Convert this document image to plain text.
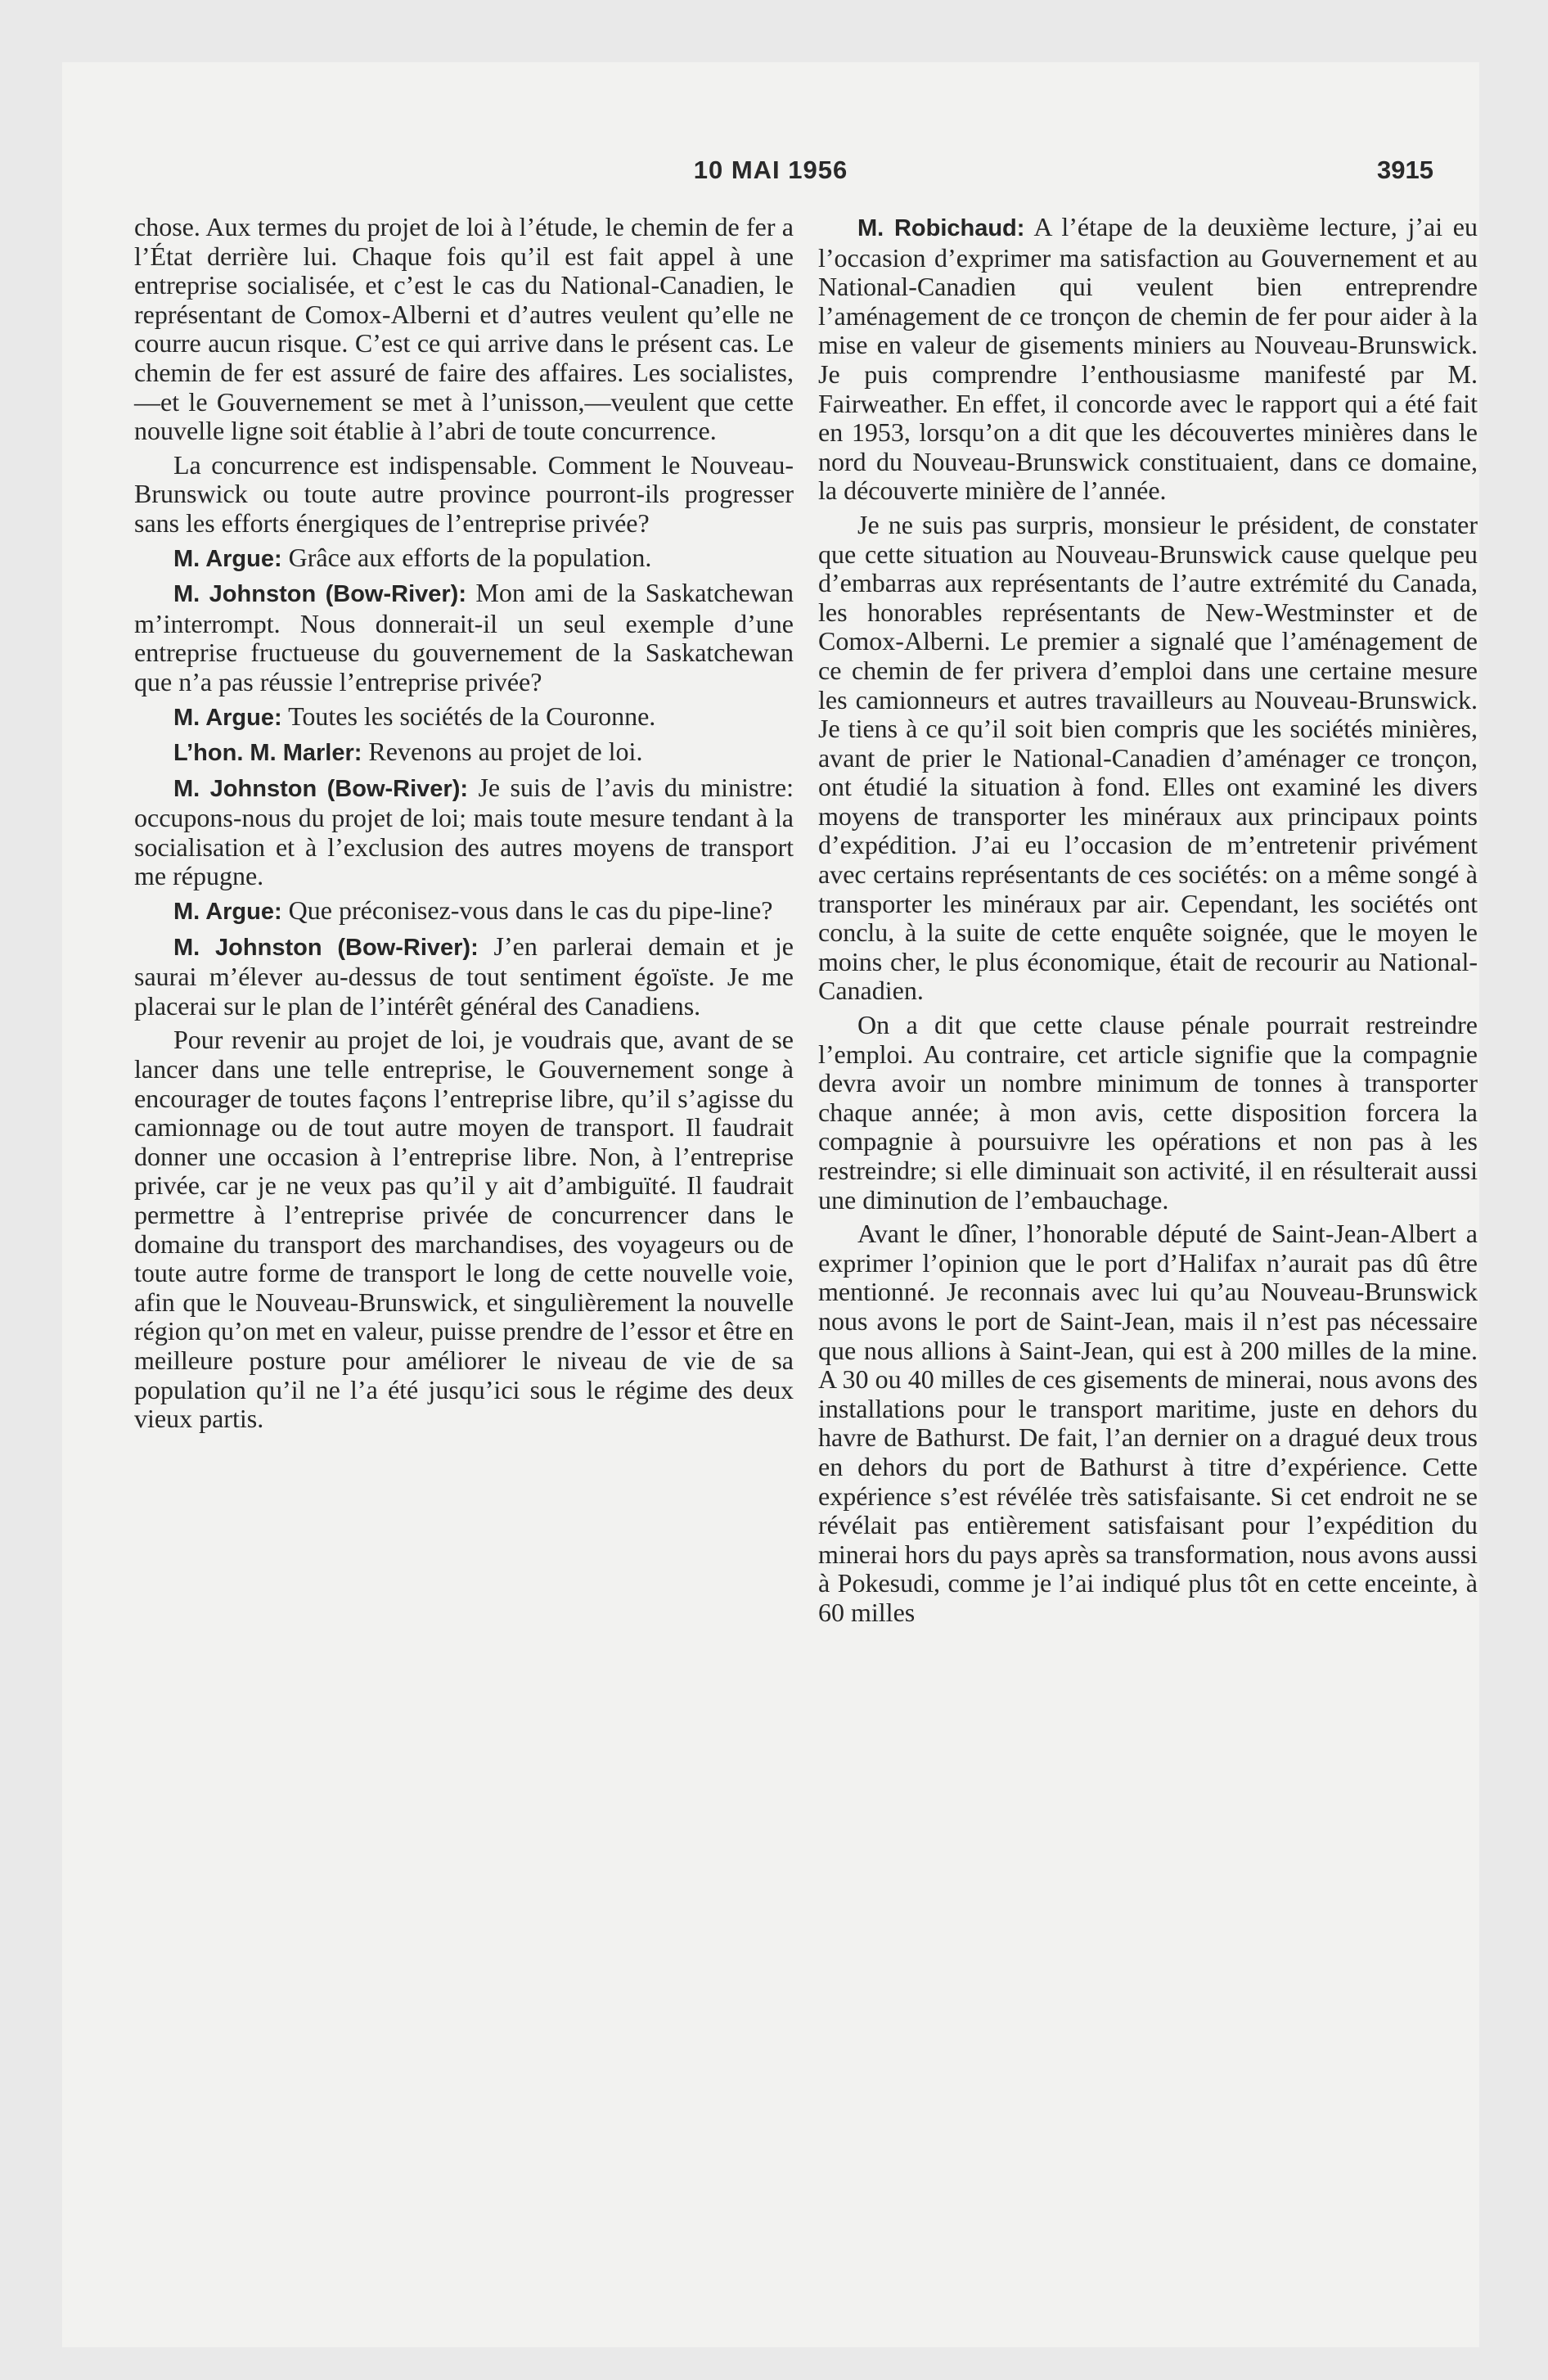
10 MAI 1956	3915

chose. Aux termes du projet de loi à l’étude, le chemin de fer a l’État derrière lui. Chaque fois qu’il est fait appel à une entreprise socialisée, et c’est le cas du National-Canadien, le représentant de Comox-Alberni et d’autres veulent qu’elle ne courre aucun risque. C’est ce qui arrive dans le présent cas. Le chemin de fer est assuré de faire des affaires. Les socialistes,—et le Gouvernement se met à l’unisson,—veulent que cette nouvelle ligne soit établie à l’abri de toute concurrence.

La concurrence est indispensable. Comment le Nouveau-Brunswick ou toute autre province pourront-ils progresser sans les efforts énergiques de l’entreprise privée?

M. Argue: Grâce aux efforts de la population.

M. Johnston (Bow-River): Mon ami de la Saskatchewan m’interrompt. Nous donnerait-il un seul exemple d’une entreprise fructueuse du gouvernement de la Saskatchewan que n’a pas réussie l’entreprise privée?

M. Argue: Toutes les sociétés de la Couronne.

L’hon. M. Marler: Revenons au projet de loi.

M. Johnston (Bow-River): Je suis de l’avis du ministre: occupons-nous du projet de loi; mais toute mesure tendant à la socialisation et à l’exclusion des autres moyens de transport me répugne.

M. Argue: Que préconisez-vous dans le cas du pipe-line?

M. Johnston (Bow-River): J’en parlerai demain et je saurai m’élever au-dessus de tout sentiment égoïste. Je me placerai sur le plan de l’intérêt général des Canadiens.

Pour revenir au projet de loi, je voudrais que, avant de se lancer dans une telle entreprise, le Gouvernement songe à encourager de toutes façons l’entreprise libre, qu’il s’agisse du camionnage ou de tout autre moyen de transport. Il faudrait donner une occasion à l’entreprise libre. Non, à l’entreprise privée, car je ne veux pas qu’il y ait d’ambiguïté. Il faudrait permettre à l’entreprise privée de concurrencer dans le domaine du transport des marchandises, des voyageurs ou de toute autre forme de transport le long de cette nouvelle voie, afin que le Nouveau-Brunswick, et singulièrement la nouvelle région qu’on met en valeur, puisse prendre de l’essor et être en meilleure posture pour améliorer le niveau de vie de sa population qu’il ne l’a été jusqu’ici sous le régime des deux vieux partis.

M. Robichaud: A l’étape de la deuxième lecture, j’ai eu l’occasion d’exprimer ma satisfaction au Gouvernement et au National-Canadien qui veulent bien entreprendre l’aménagement de ce tronçon de chemin de fer pour aider à la mise en valeur de gisements miniers au Nouveau-Brunswick. Je puis comprendre l’enthousiasme manifesté par M. Fairweather. En effet, il concorde avec le rapport qui a été fait en 1953, lorsqu’on a dit que les découvertes minières dans le nord du Nouveau-Brunswick constituaient, dans ce domaine, la découverte minière de l’année.

Je ne suis pas surpris, monsieur le président, de constater que cette situation au Nouveau-Brunswick cause quelque peu d’embarras aux représentants de l’autre extrémité du Canada, les honorables représentants de New-Westminster et de Comox-Alberni. Le premier a signalé que l’aménagement de ce chemin de fer privera d’emploi dans une certaine mesure les camionneurs et autres travailleurs au Nouveau-Brunswick. Je tiens à ce qu’il soit bien compris que les sociétés minières, avant de prier le National-Canadien d’aménager ce tronçon, ont étudié la situation à fond. Elles ont examiné les divers moyens de transporter les minéraux aux principaux points d’expédition. J’ai eu l’occasion de m’entretenir privément avec certains représentants de ces sociétés: on a même songé à transporter les minéraux par air. Cependant, les sociétés ont conclu, à la suite de cette enquête soignée, que le moyen le moins cher, le plus économique, était de recourir au National-Canadien.

On a dit que cette clause pénale pourrait restreindre l’emploi. Au contraire, cet article signifie que la compagnie devra avoir un nombre minimum de tonnes à transporter chaque année; à mon avis, cette disposition forcera la compagnie à poursuivre les opérations et non pas à les restreindre; si elle diminuait son activité, il en résulterait aussi une diminution de l’embauchage.

Avant le dîner, l’honorable député de Saint-Jean-Albert a exprimer l’opinion que le port d’Halifax n’aurait pas dû être mentionné. Je reconnais avec lui qu’au Nouveau-Brunswick nous avons le port de Saint-Jean, mais il n’est pas nécessaire que nous allions à Saint-Jean, qui est à 200 milles de la mine. A 30 ou 40 milles de ces gisements de minerai, nous avons des installations pour le transport maritime, juste en dehors du havre de Bathurst. De fait, l’an dernier on a dragué deux trous en dehors du port de Bathurst à titre d’expérience. Cette expérience s’est révélée très satisfaisante. Si cet endroit ne se révélait pas entièrement satisfaisant pour l’expédition du minerai hors du pays après sa transformation, nous avons aussi à Pokesudi, comme je l’ai indiqué plus tôt en cette enceinte, à 60 milles
